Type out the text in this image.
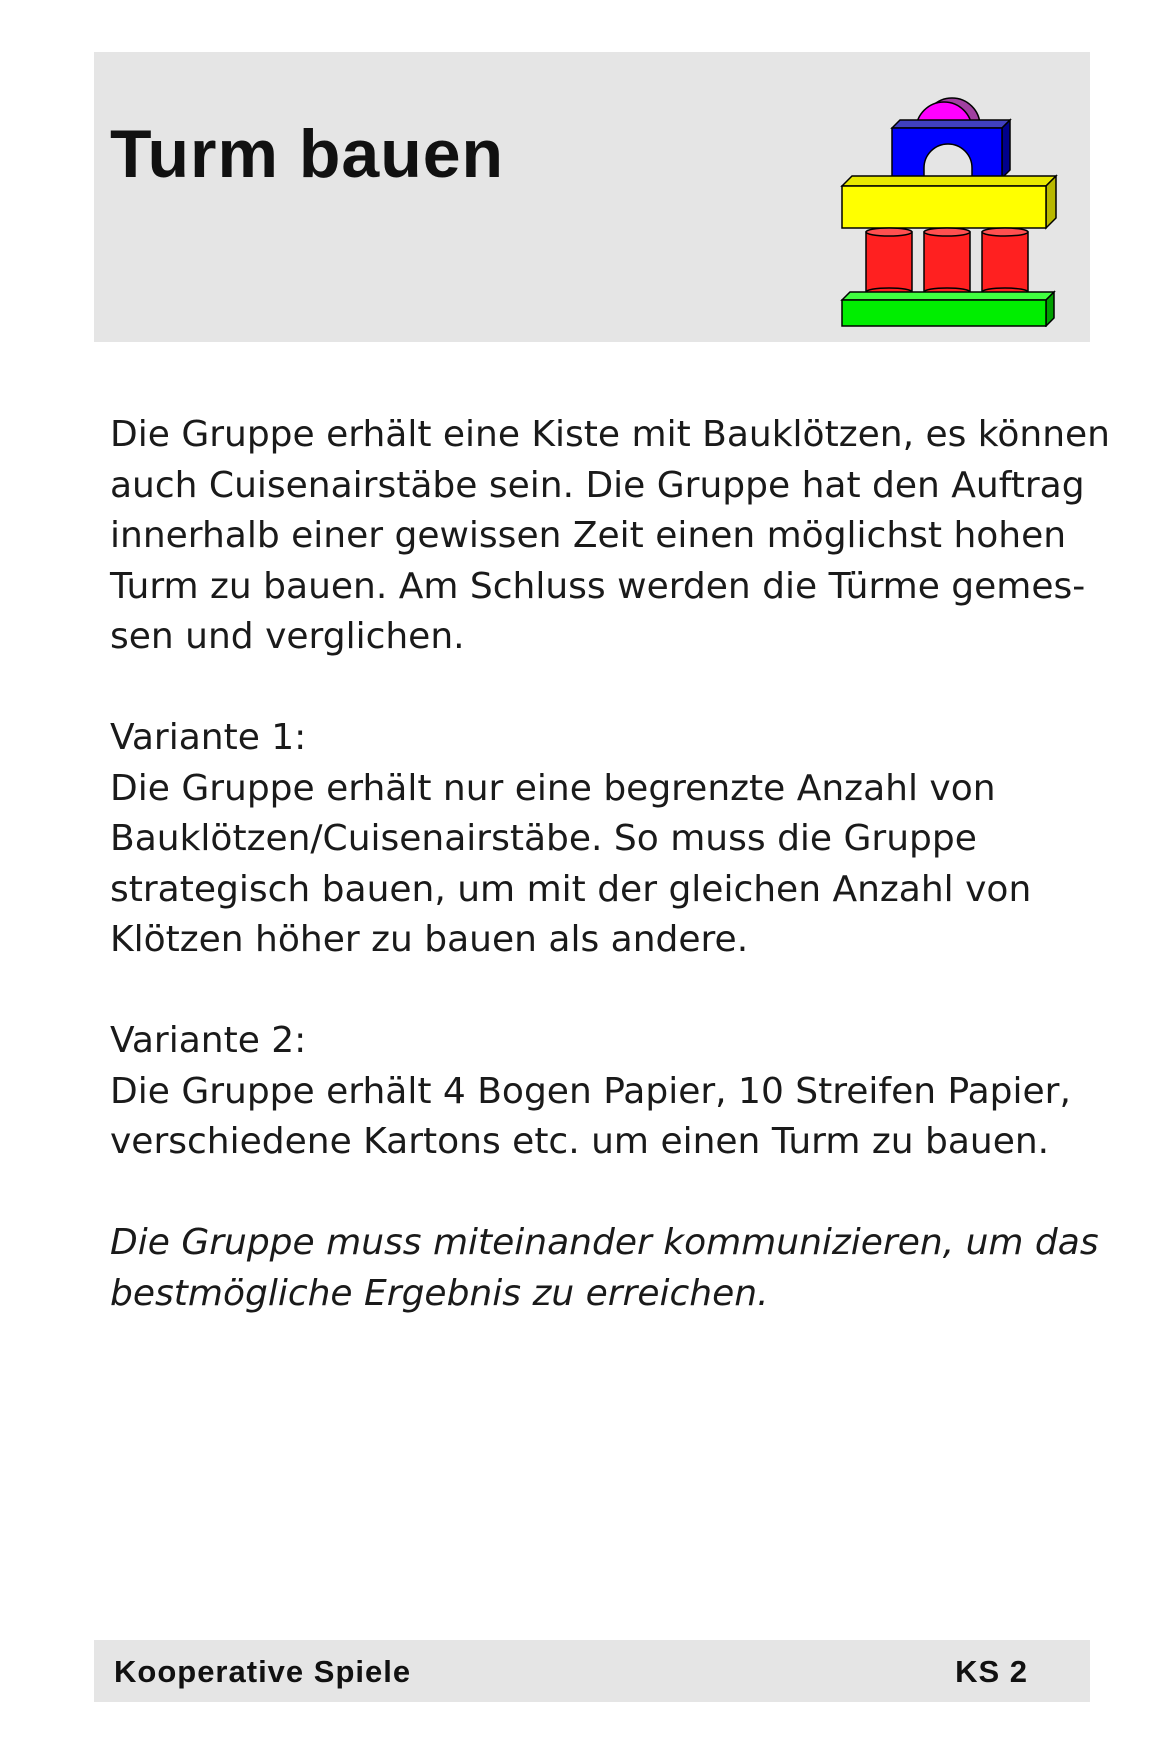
Turm bauen

Die Gruppe erhält eine Kiste mit Bauklötzen, es können

auch Cuisenairstäbe sein. Die Gruppe hat den Auftrag

innerhalb einer gewissen Zeit einen möglichst hohen

Turm zu bauen. Am Schluss werden die Türme gemes-

sen und verglichen.

Variante 1:

Die Gruppe erhält nur eine begrenzte Anzahl von

Bauklötzen/Cuisenairstäbe. So muss die Gruppe

strategisch bauen, um mit der gleichen Anzahl von

Klötzen höher zu bauen als andere.

Variante 2:

Die Gruppe erhält 4 Bogen Papier, 10 Streifen Papier,

verschiedene Kartons etc. um einen Turm zu bauen.

Die Gruppe muss miteinander kommunizieren, um das

bestmögliche Ergebnis zu erreichen.

Kooperative Spiele	KS 2
